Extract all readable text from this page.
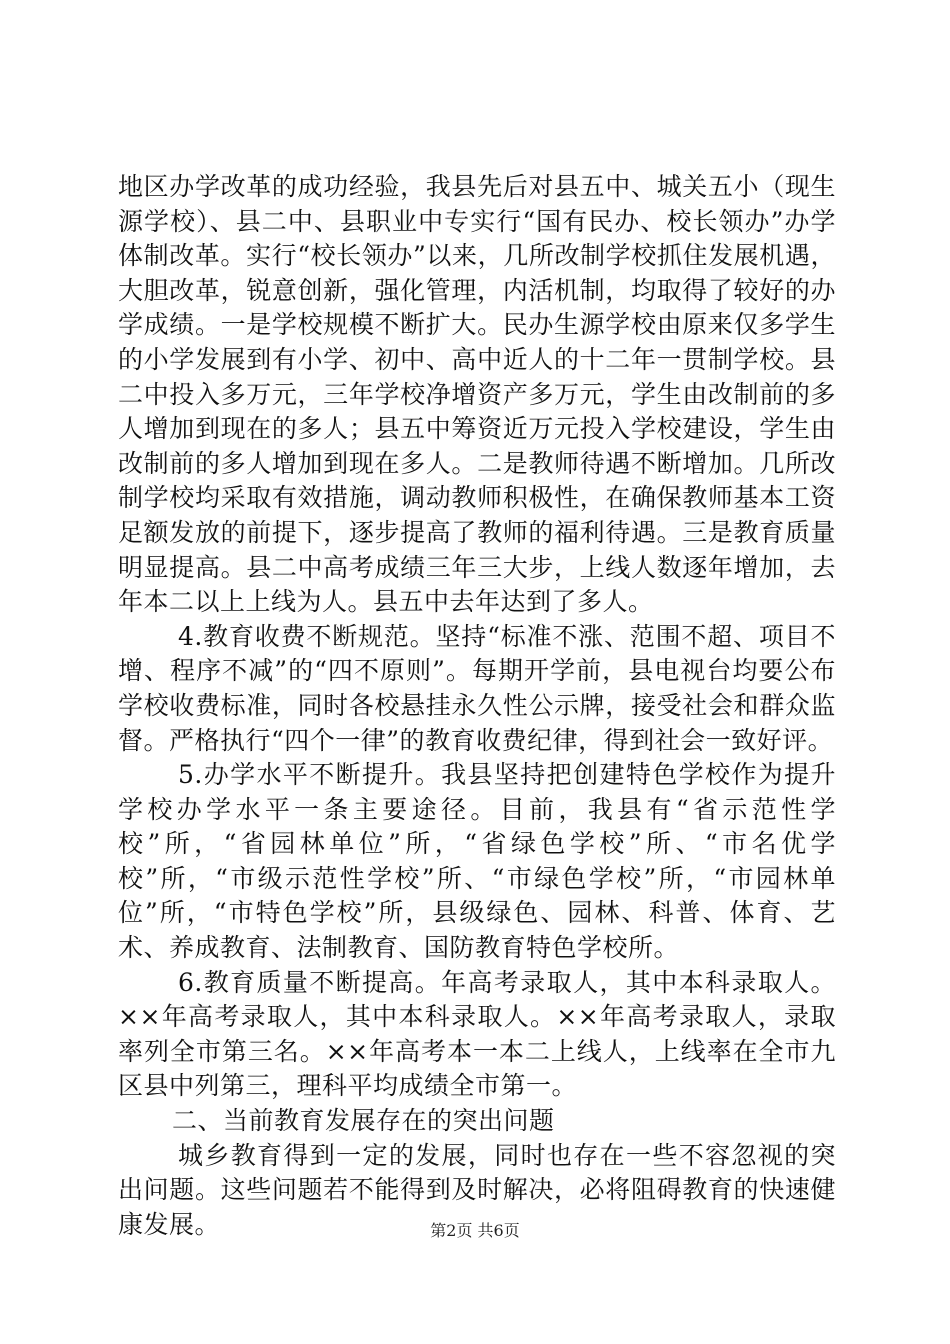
地区办学改革的成功经验，我县先后对县五中、城关五小（现生源学校）、县二中、县职业中专实行“国有民办、校长领办”办学体制改革。实行“校长领办”以来，几所改制学校抓住发展机遇，大胆改革，锐意创新，强化管理，内活机制，均取得了较好的办学成绩。一是学校规模不断扩大。民办生源学校由原来仅多学生的小学发展到有小学、初中、高中近人的十二年一贯制学校。县二中投入多万元，三年学校净增资产多万元，学生由改制前的多人增加到现在的多人；县五中筹资近万元投入学校建设，学生由改制前的多人增加到现在多人。二是教师待遇不断增加。几所改制学校均采取有效措施，调动教师积极性，在确保教师基本工资足额发放的前提下，逐步提高了教师的福利待遇。三是教育质量明显提高。县二中高考成绩三年三大步，上线人数逐年增加，去年本二以上上线为人。县五中去年达到了多人。

4.教育收费不断规范。坚持“标准不涨、范围不超、项目不增、程序不减”的“四不原则”。每期开学前，县电视台均要公布学校收费标准，同时各校悬挂永久性公示牌，接受社会和群众监督。严格执行“四个一律”的教育收费纪律，得到社会一致好评。

5.办学水平不断提升。我县坚持把创建特色学校作为提升学校办学水平一条主要途径。目前，我县有“省示范性学校”所，“省园林单位”所，“省绿色学校”所、“市名优学校”所，“市级示范性学校”所、“市绿色学校”所，“市园林单位”所，“市特色学校”所，县级绿色、园林、科普、体育、艺术、养成教育、法制教育、国防教育特色学校所。

6.教育质量不断提高。年高考录取人，其中本科录取人。××年高考录取人，其中本科录取人。××年高考录取人，录取率列全市第三名。××年高考本一本二上线人，上线率在全市九区县中列第三，理科平均成绩全市第一。

二、当前教育发展存在的突出问题

城乡教育得到一定的发展，同时也存在一些不容忽视的突出问题。这些问题若不能得到及时解决，必将阻碍教育的快速健康发展。	第2页 共6页
